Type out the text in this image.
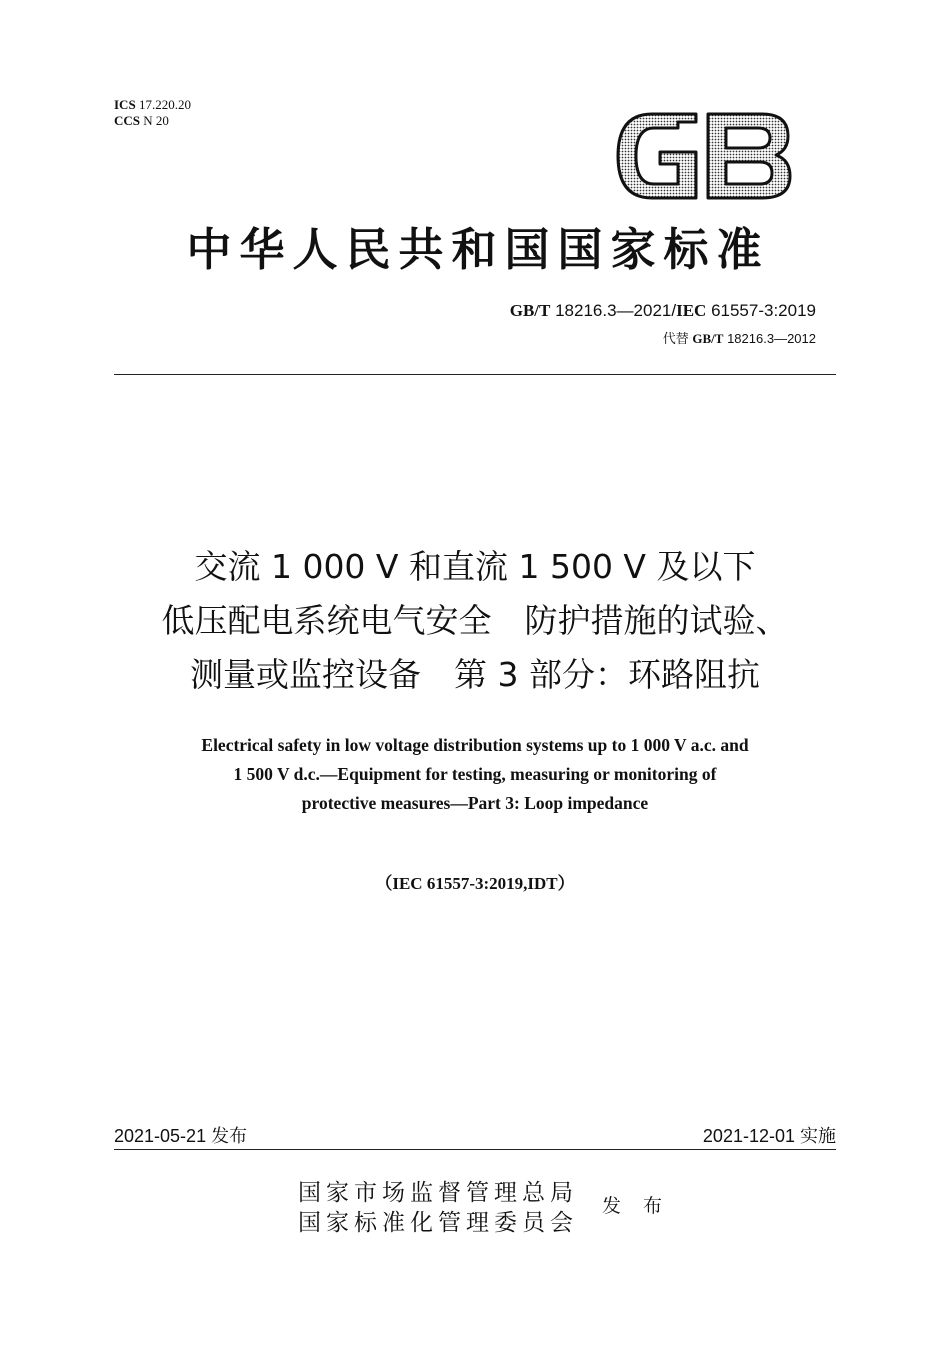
ICS 17.220.20
CCS N 20
中华人民共和国国家标准
GB/T 18216.3—2021/IEC 61557-3:2019
代替 GB/T 18216.3—2012
交流 1 000 V 和直流 1 500 V 及以下
低压配电系统电气安全　防护措施的试验、
测量或监控设备　第 3 部分：环路阻抗
Electrical safety in low voltage distribution systems up to 1 000 V a.c. and
1 500 V d.c.—Equipment for testing, measuring or monitoring of
protective measures—Part 3: Loop impedance
（IEC 61557-3:2019,IDT）
2021-05-21 发布	2021-12-01 实施
国家市场监督管理总局
国家标准化管理委员会
发 布
